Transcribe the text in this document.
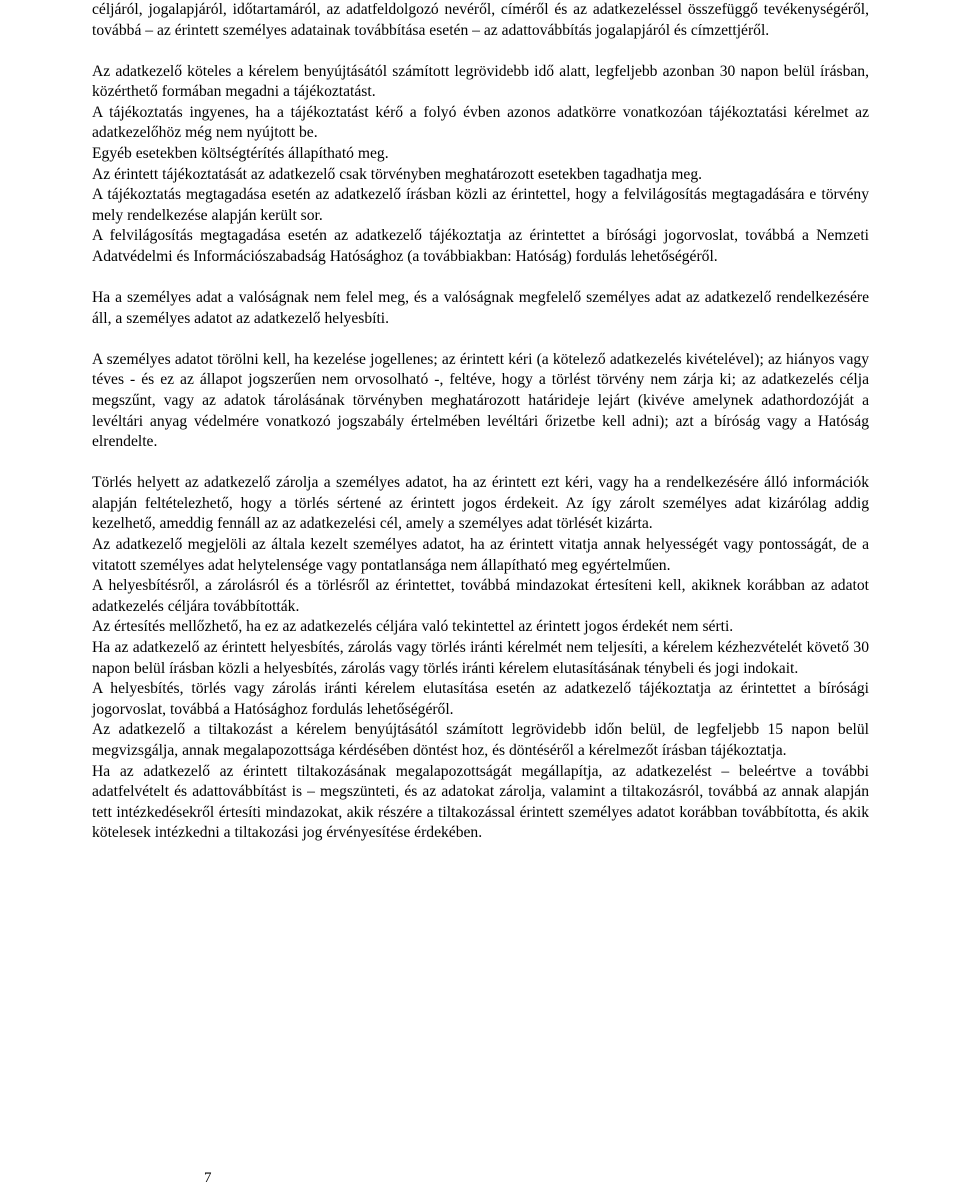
céljáról, jogalapjáról, időtartamáról, az adatfeldolgozó nevéről, címéről és az adatkezeléssel összefüggő tevékenységéről, továbbá – az érintett személyes adatainak továbbítása esetén – az adattovábbítás jogalapjáról és címzettjéről.

Az adatkezelő köteles a kérelem benyújtásától számított legrövidebb idő alatt, legfeljebb azonban 30 napon belül írásban, közérthető formában megadni a tájékoztatást.

A tájékoztatás ingyenes, ha a tájékoztatást kérő a folyó évben azonos adatkörre vonatkozóan tájékoztatási kérelmet az adatkezelőhöz még nem nyújtott be.

Egyéb esetekben költségtérítés állapítható meg.

Az érintett tájékoztatását az adatkezelő csak törvényben meghatározott esetekben tagadhatja meg.

A tájékoztatás megtagadása esetén az adatkezelő írásban közli az érintettel, hogy a felvilágosítás megtagadására e törvény mely rendelkezése alapján került sor.

A felvilágosítás megtagadása esetén az adatkezelő tájékoztatja az érintettet a bírósági jogorvoslat, továbbá a Nemzeti Adatvédelmi és Információszabadság Hatósághoz (a továbbiakban: Hatóság) fordulás lehetőségéről.

Ha a személyes adat a valóságnak nem felel meg, és a valóságnak megfelelő személyes adat az adatkezelő rendelkezésére áll, a személyes adatot az adatkezelő helyesbíti.

A személyes adatot törölni kell, ha kezelése jogellenes; az érintett kéri (a kötelező adatkezelés kivételével); az hiányos vagy téves - és ez az állapot jogszerűen nem orvosolható -, feltéve, hogy a törlést törvény nem zárja ki; az adatkezelés célja megszűnt, vagy az adatok tárolásának törvényben meghatározott határideje lejárt (kivéve amelynek adathordozóját a levéltári anyag védelmére vonatkozó jogszabály értelmében levéltári őrizetbe kell adni); azt a bíróság vagy a Hatóság elrendelte.

Törlés helyett az adatkezelő zárolja a személyes adatot, ha az érintett ezt kéri, vagy ha a rendelkezésére álló információk alapján feltételezhető, hogy a törlés sértené az érintett jogos érdekeit. Az így zárolt személyes adat kizárólag addig kezelhető, ameddig fennáll az az adatkezelési cél, amely a személyes adat törlését kizárta.

Az adatkezelő megjelöli az általa kezelt személyes adatot, ha az érintett vitatja annak helyességét vagy pontosságát, de a vitatott személyes adat helytelensége vagy pontatlansága nem állapítható meg egyértelműen.

A helyesbítésről, a zárolásról és a törlésről az érintettet, továbbá mindazokat értesíteni kell, akiknek korábban az adatot adatkezelés céljára továbbították.

Az értesítés mellőzhető, ha ez az adatkezelés céljára való tekintettel az érintett jogos érdekét nem sérti.

Ha az adatkezelő az érintett helyesbítés, zárolás vagy törlés iránti kérelmét nem teljesíti, a kérelem kézhezvételét követő 30 napon belül írásban közli a helyesbítés, zárolás vagy törlés iránti kérelem elutasításának ténybeli és jogi indokait.

A helyesbítés, törlés vagy zárolás iránti kérelem elutasítása esetén az adatkezelő tájékoztatja az érintettet a bírósági jogorvoslat, továbbá a Hatósághoz fordulás lehetőségéről.

Az adatkezelő a tiltakozást a kérelem benyújtásától számított legrövidebb időn belül, de legfeljebb 15 napon belül megvizsgálja, annak megalapozottsága kérdésében döntést hoz, és döntéséről a kérelmezőt írásban tájékoztatja.

Ha az adatkezelő az érintett tiltakozásának megalapozottságát megállapítja, az adatkezelést – beleértve a további adatfelvételt és adattovábbítást is – megszünteti, és az adatokat zárolja, valamint a tiltakozásról, továbbá az annak alapján tett intézkedésekről értesíti mindazokat, akik részére a tiltakozással érintett személyes adatot korábban továbbította, és akik kötelesek intézkedni a tiltakozási jog érvényesítése érdekében.

7
